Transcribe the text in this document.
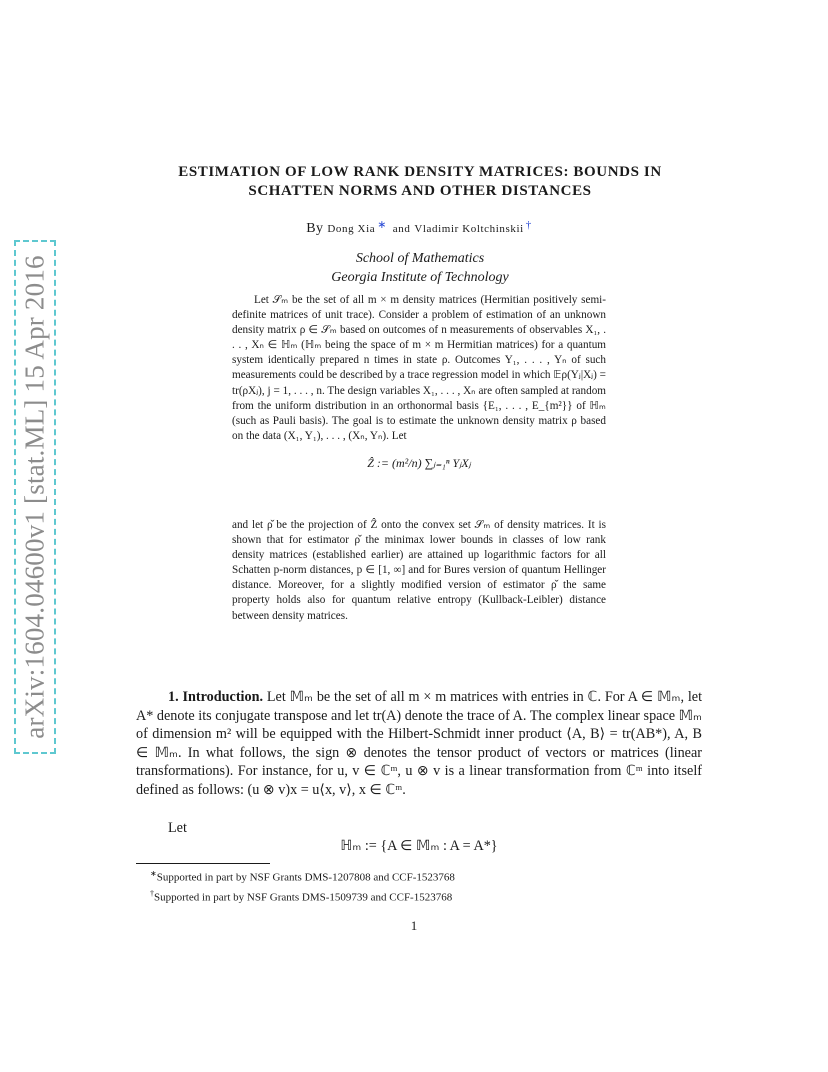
arXiv:1604.04600v1 [stat.ML] 15 Apr 2016
ESTIMATION OF LOW RANK DENSITY MATRICES: BOUNDS IN
SCHATTEN NORMS AND OTHER DISTANCES
By Dong Xia ∗ and Vladimir Koltchinskii †
School of Mathematics
Georgia Institute of Technology

Let 𝒮ₘ be the set of all m × m density matrices (Hermitian positively semi-definite matrices of unit trace). Consider a problem of estimation of an unknown density matrix ρ ∈ 𝒮ₘ based on outcomes of n measurements of observables X₁, . . . , Xₙ ∈ ℍₘ (ℍₘ being the space of m × m Hermitian matrices) for a quantum system identically prepared n times in state ρ. Outcomes Y₁, . . . , Yₙ of such measurements could be described by a trace regression model in which 𝔼ρ(Yⱼ|Xⱼ) = tr(ρXⱼ), j = 1, . . . , n. The design variables X₁, . . . , Xₙ are often sampled at random from the uniform distribution in an orthonormal basis {E₁, . . . , E_{m²}} of ℍₘ (such as Pauli basis). The goal is to estimate the unknown density matrix ρ based on the data (X₁, Y₁), . . . , (Xₙ, Yₙ). Let

Ẑ := (m²/n) ∑ⱼ₌₁ⁿ YⱼXⱼ

and let ρ̌ be the projection of Ẑ onto the convex set 𝒮ₘ of density matrices. It is shown that for estimator ρ̌ the minimax lower bounds in classes of low rank density matrices (established earlier) are attained up logarithmic factors for all Schatten p-norm distances, p ∈ [1, ∞] and for Bures version of quantum Hellinger distance. Moreover, for a slightly modified version of estimator ρ̌ the same property holds also for quantum relative entropy (Kullback-Leibler) distance between density matrices.

1. Introduction. Let 𝕄ₘ be the set of all m × m matrices with entries in ℂ. For A ∈ 𝕄ₘ, let A* denote its conjugate transpose and let tr(A) denote the trace of A. The complex linear space 𝕄ₘ of dimension m² will be equipped with the Hilbert-Schmidt inner product ⟨A, B⟩ = tr(AB*), A, B ∈ 𝕄ₘ. In what follows, the sign ⊗ denotes the tensor product of vectors or matrices (linear transformations). For instance, for u, v ∈ ℂᵐ, u ⊗ v is a linear transformation from ℂᵐ into itself defined as follows: (u ⊗ v)x = u⟨x, v⟩, x ∈ ℂᵐ.

Let
ℍₘ := {A ∈ 𝕄ₘ : A = A*}
∗Supported in part by NSF Grants DMS-1207808 and CCF-1523768
†Supported in part by NSF Grants DMS-1509739 and CCF-1523768
1
